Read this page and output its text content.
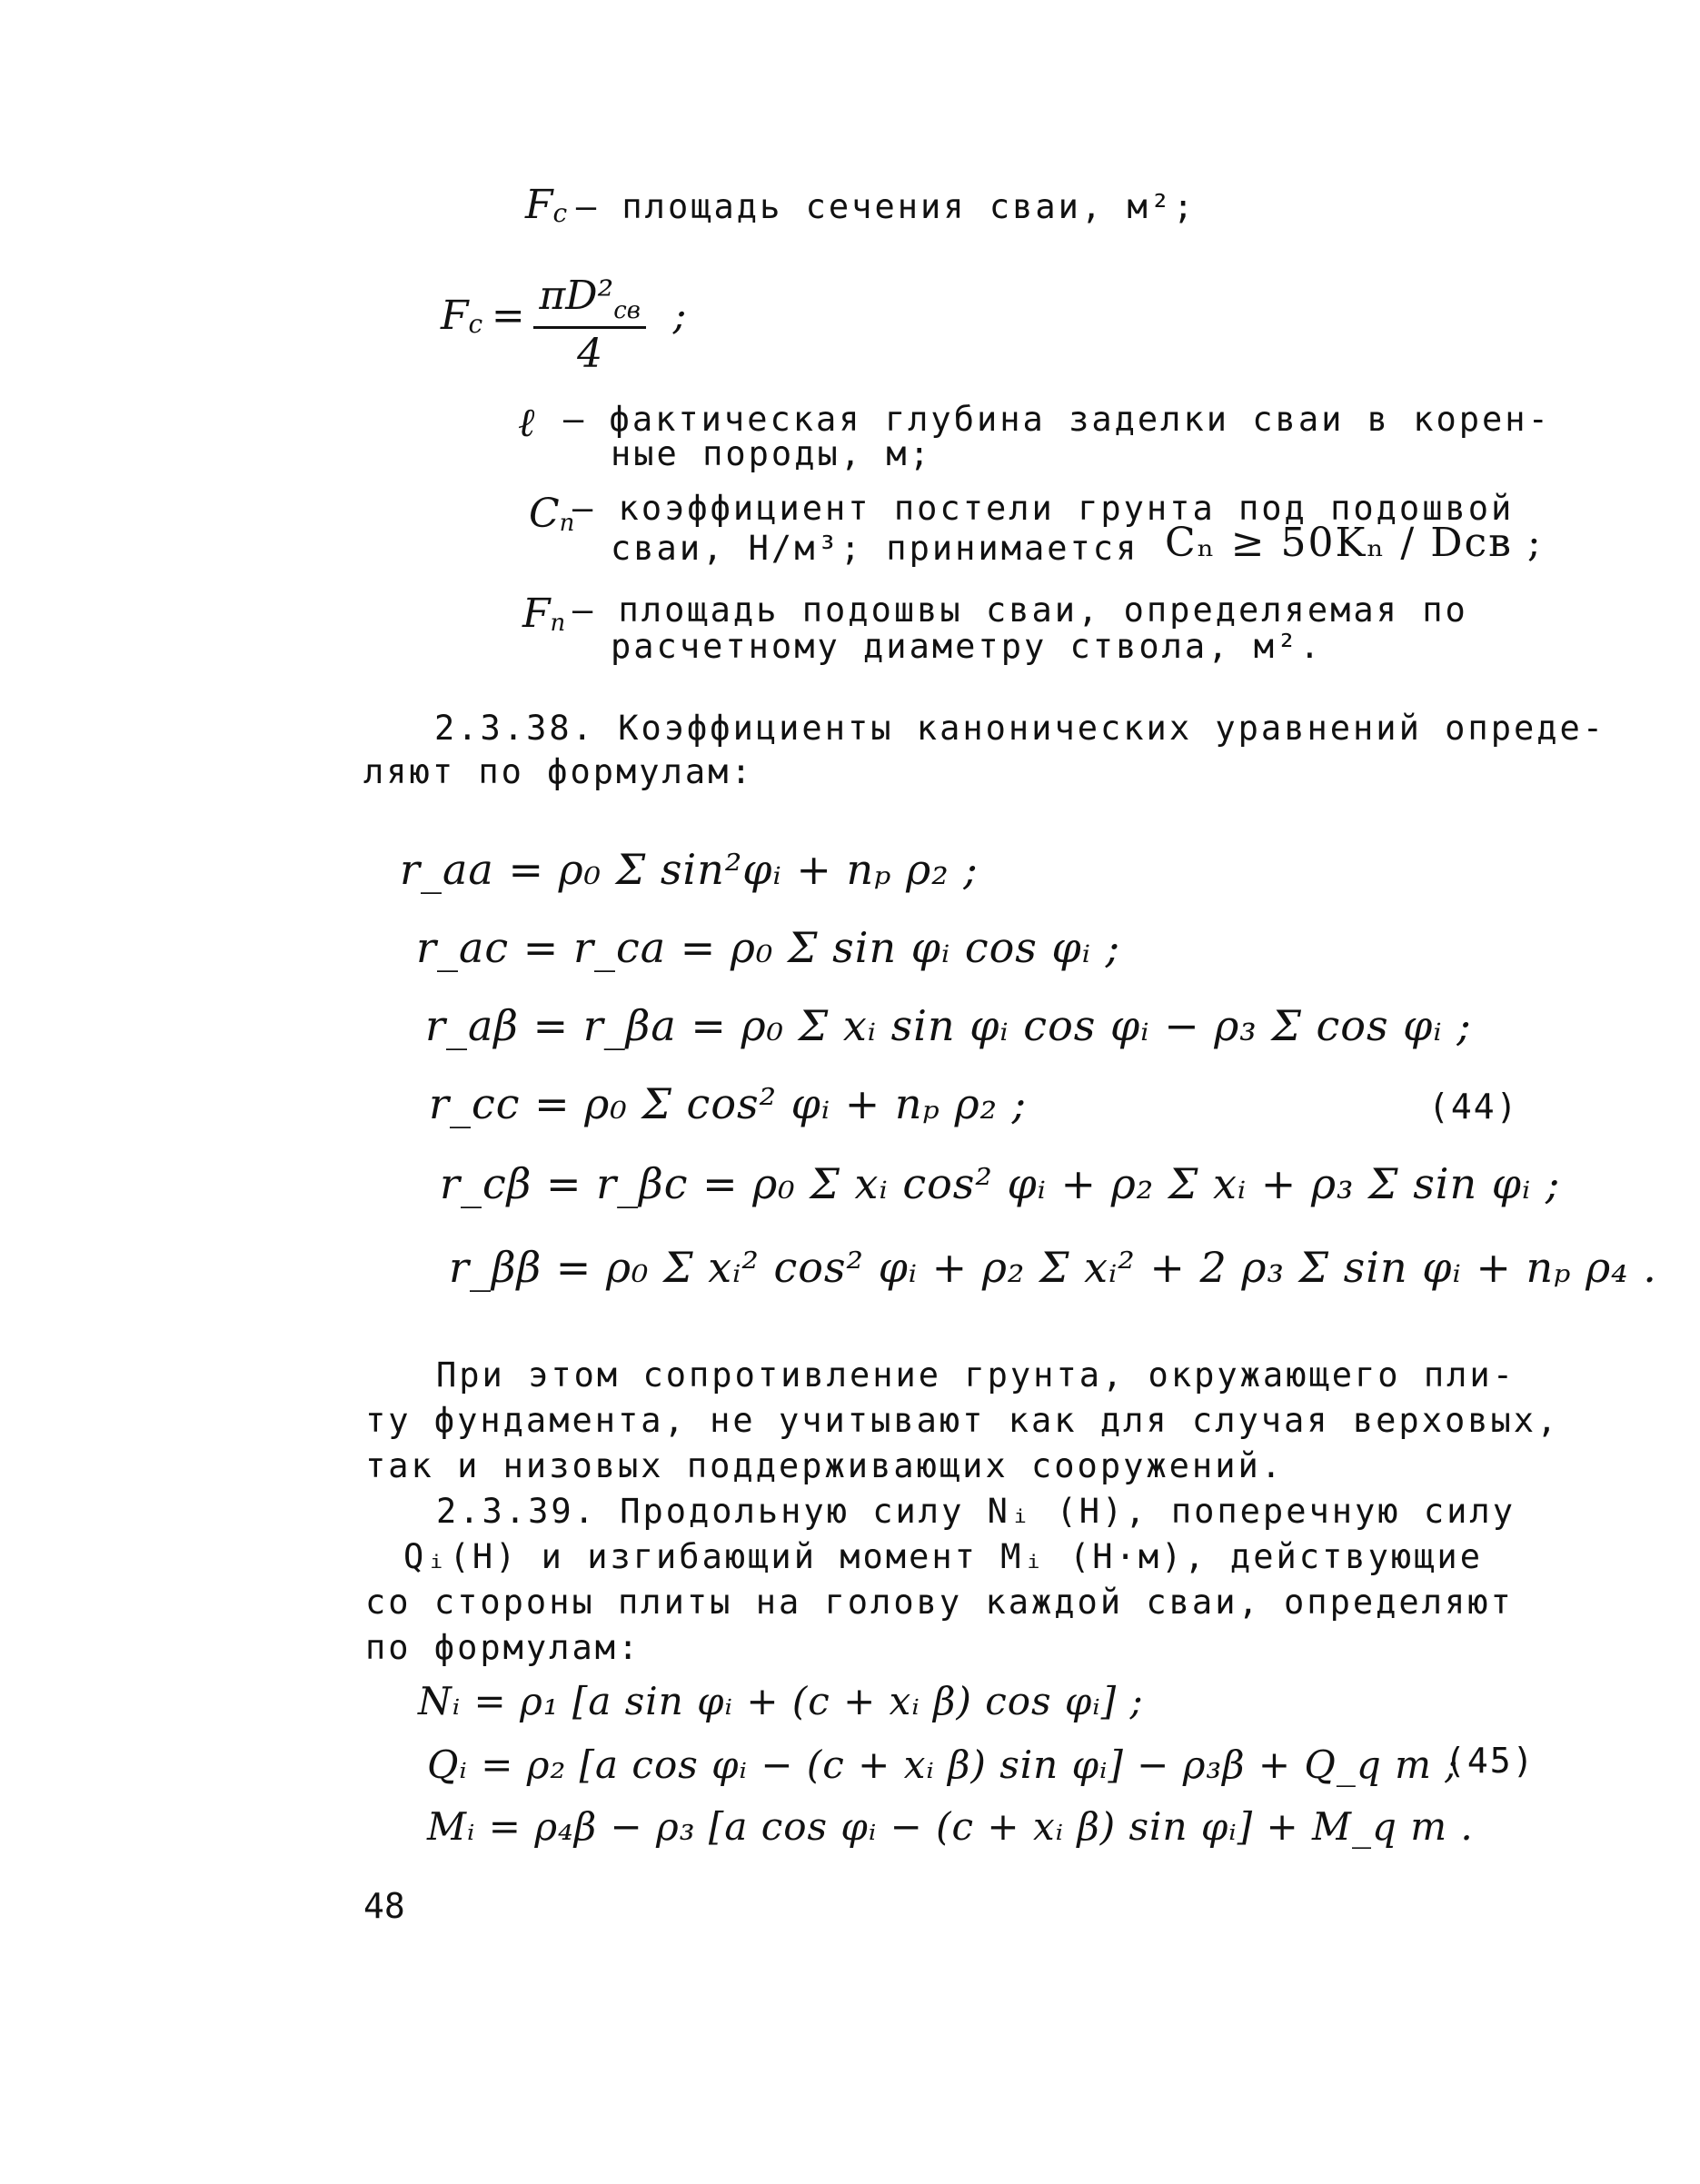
$Ϝ_c$ – площадь сечения сваи, м²;
$Ϝ_c = \frac{\pi D^2_{св}}{4}$ ;
ℓ – фактическая глубина заделки сваи в корен-
ные породы, м;
$C_п$
– коэффициент постели грунта под подошвой
сваи, Н/м³; принимается Cₙ ≥ 50Kₙ / Dсв ;
$Ϝ_п$ – площадь подошвы сваи, определяемая по
расчетному диаметру ствола, м².
2.3.38. Коэффициенты канонических уравнений опреде-
ляют по формулам:
r_aa = ρ₀ Σ sin²φᵢ + nₚ ρ₂ ;
r_ac = r_ca = ρ₀ Σ sin φᵢ cos φᵢ ;
r_aβ = r_βa = ρ₀ Σ xᵢ sin φᵢ cos φᵢ − ρ₃ Σ cos φᵢ ;
r_cc = ρ₀ Σ cos² φᵢ + nₚ ρ₂ ;	(44)
r_cβ = r_βc = ρ₀ Σ xᵢ cos² φᵢ + ρ₂ Σ xᵢ + ρ₃ Σ sin φᵢ ;
r_ββ = ρ₀ Σ xᵢ² cos² φᵢ + ρ₂ Σ xᵢ² + 2 ρ₃ Σ sin φᵢ + nₚ ρ₄ .
При этом сопротивление грунта, окружающего пли-
ту фундамента, не учитывают как для случая верховых,
так и низовых поддерживающих сооружений.
2.3.39. Продольную силу Nᵢ (Н), поперечную силу
Qᵢ(Н) и изгибающий момент Mᵢ (Н·м), действующие
со стороны плиты на голову каждой сваи, определяют
по формулам:
Nᵢ = ρ₁ [a sin φᵢ + (c + xᵢ β) cos φᵢ] ;
Qᵢ = ρ₂ [a cos φᵢ − (c + xᵢ β) sin φᵢ] − ρ₃β + Q_q m ;
(45)
Mᵢ = ρ₄β − ρ₃ [a cos φᵢ − (c + xᵢ β) sin φᵢ] + M_q m .
48
